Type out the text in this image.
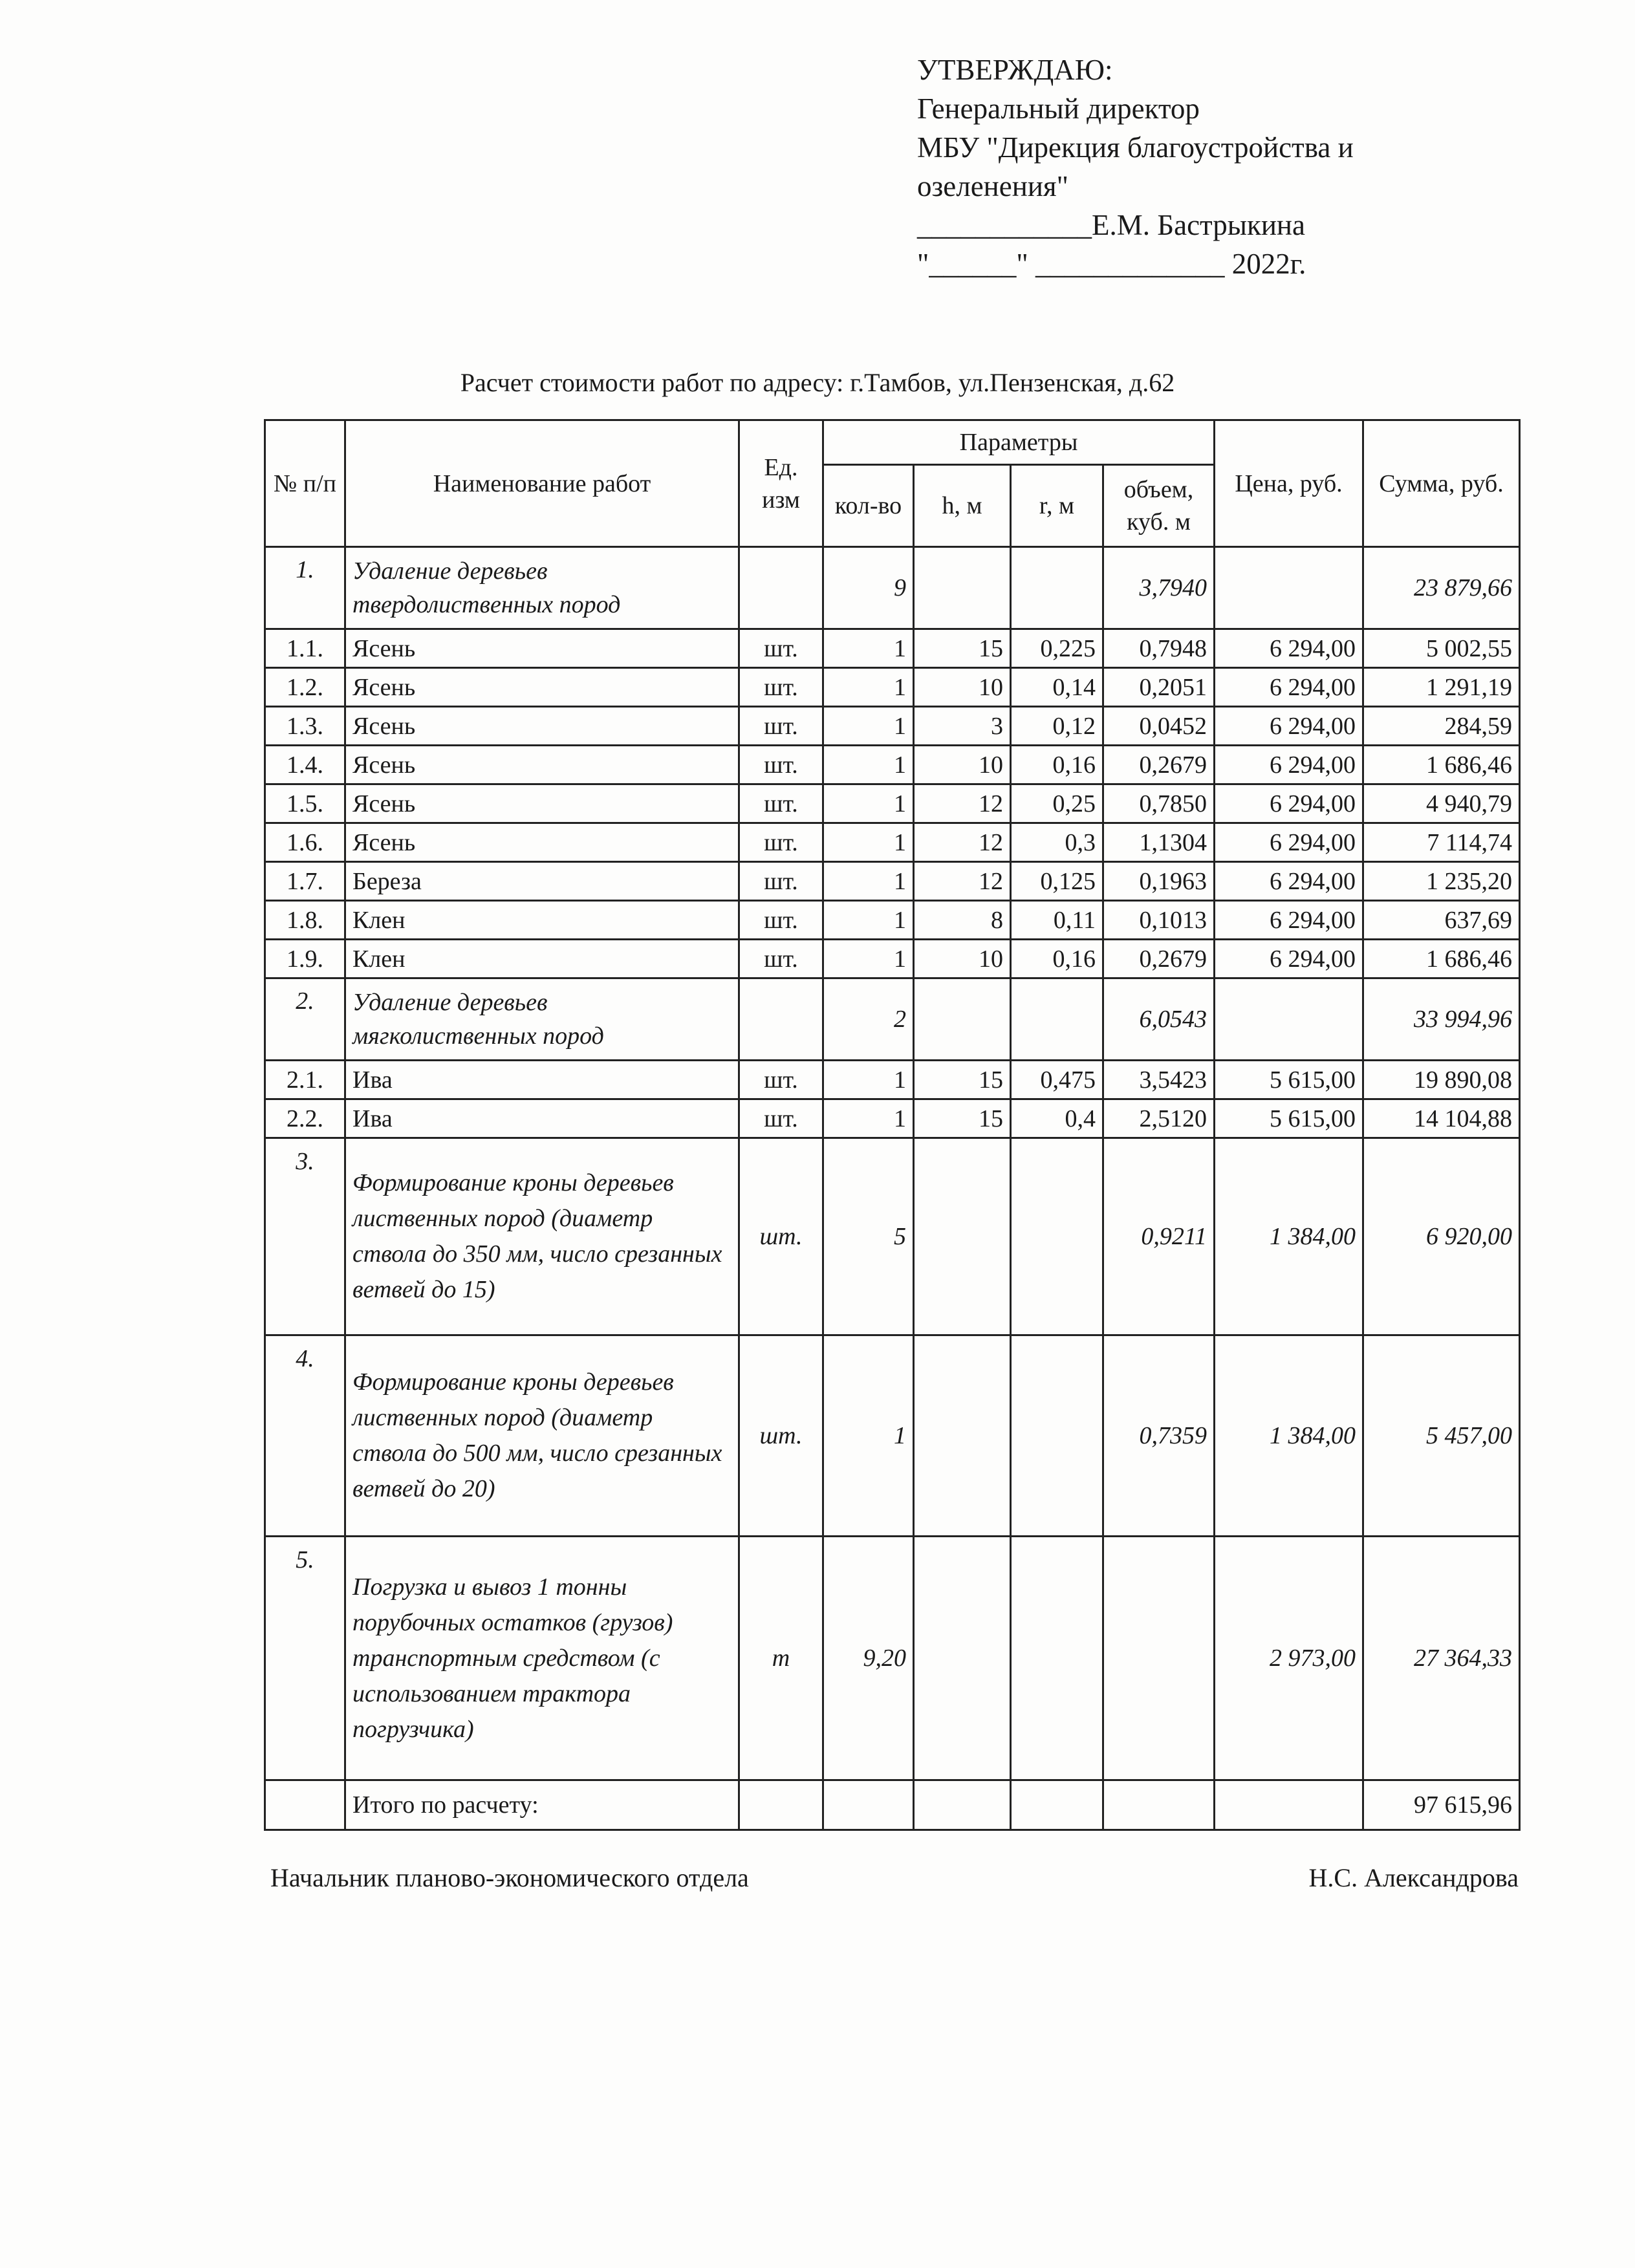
УТВЕРЖДАЮ:
Генеральный директор
МБУ "Дирекция благоустройства и
озеленения"
____________Е.М. Бастрыкина
"______" _____________ 2022г.
Расчет стоимости работ по адресу: г.Тамбов, ул.Пензенская, д.62
№ п/п	Наименование работ	Ед. изм	Параметры				Цена, руб.	Сумма, руб.
			кол-во	h, м	r, м	объем, куб. м		
1.	Удаление деревьев твердолиственных пород		9			3,7940		23 879,66
1.1.	Ясень	шт.	1	15	0,225	0,7948	6 294,00	5 002,55
1.2.	Ясень	шт.	1	10	0,14	0,2051	6 294,00	1 291,19
1.3.	Ясень	шт.	1	3	0,12	0,0452	6 294,00	284,59
1.4.	Ясень	шт.	1	10	0,16	0,2679	6 294,00	1 686,46
1.5.	Ясень	шт.	1	12	0,25	0,7850	6 294,00	4 940,79
1.6.	Ясень	шт.	1	12	0,3	1,1304	6 294,00	7 114,74
1.7.	Береза	шт.	1	12	0,125	0,1963	6 294,00	1 235,20
1.8.	Клен	шт.	1	8	0,11	0,1013	6 294,00	637,69
1.9.	Клен	шт.	1	10	0,16	0,2679	6 294,00	1 686,46
2.	Удаление деревьев мягколиственных пород		2			6,0543		33 994,96
2.1.	Ива	шт.	1	15	0,475	3,5423	5 615,00	19 890,08
2.2.	Ива	шт.	1	15	0,4	2,5120	5 615,00	14 104,88
3.	Формирование кроны деревьев лиственных пород (диаметр ствола до 350 мм, число срезанных ветвей до 15)	шт.	5			0,9211	1 384,00	6 920,00
4.	Формирование кроны деревьев лиственных пород (диаметр ствола до 500 мм, число срезанных ветвей до 20)	шт.	1			0,7359	1 384,00	5 457,00
5.	Погрузка и вывоз 1 тонны порубочных остатков (грузов) транспортным средством (с использованием трактора погрузчика)	т	9,20				2 973,00	27 364,33
	Итого по расчету:							97 615,96
Начальник планово-экономического отдела	Н.С. Александрова
